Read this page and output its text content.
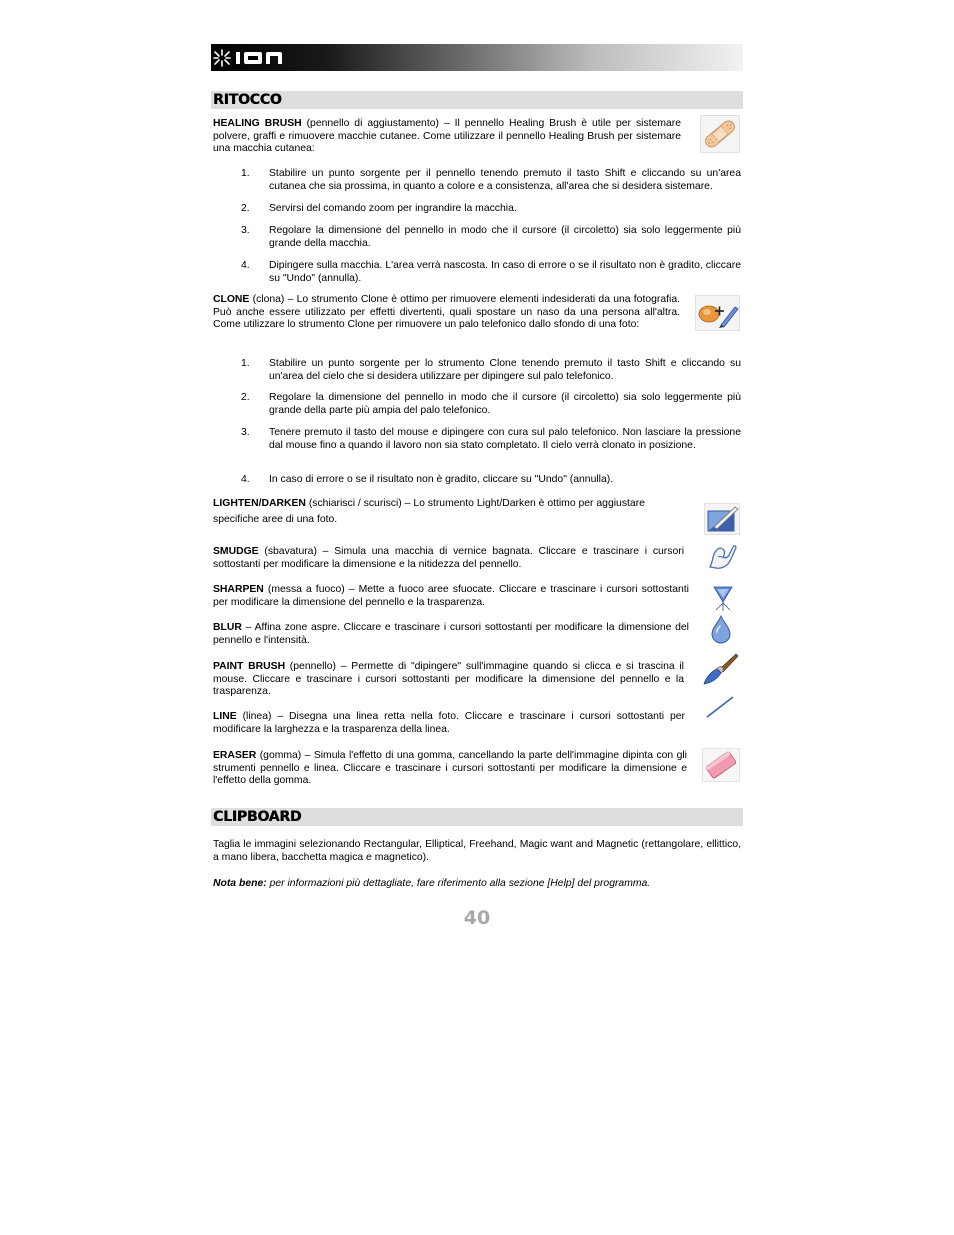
RITOCCO
HEALING BRUSH (pennello di aggiustamento) – Il pennello Healing Brush è utile per sistemare polvere, graffi e rimuovere macchie cutanee. Come utilizzare il pennello Healing Brush per sistemare una macchia cutanea:
1. Stabilire un punto sorgente per il pennello tenendo premuto il tasto Shift e cliccando su un'area cutanea che sia prossima, in quanto a colore e a consistenza, all'area che si desidera sistemare.
2. Servirsi del comando zoom per ingrandire la macchia.
3. Regolare la dimensione del pennello in modo che il cursore (il circoletto) sia solo leggermente più grande della macchia.
4. Dipingere sulla macchia. L'area verrà nascosta. In caso di errore o se il risultato non è gradito, cliccare su "Undo" (annulla).
CLONE (clona) – Lo strumento Clone è ottimo per rimuovere elementi indesiderati da una fotografia. Può anche essere utilizzato per effetti divertenti, quali spostare un naso da una persona all'altra. Come utilizzare lo strumento Clone per rimuovere un palo telefonico dallo sfondo di una foto:
1. Stabilire un punto sorgente per lo strumento Clone tenendo premuto il tasto Shift e cliccando su un'area del cielo che si desidera utilizzare per dipingere sul palo telefonico.
2. Regolare la dimensione del pennello in modo che il cursore (il circoletto) sia solo leggermente più grande della parte più ampia del palo telefonico.
3. Tenere premuto il tasto del mouse e dipingere con cura sul palo telefonico. Non lasciare la pressione dal mouse fino a quando il lavoro non sia stato completato. Il cielo verrà clonato in posizione.
4. In caso di errore o se il risultato non è gradito, cliccare su "Undo" (annulla).
LIGHTEN/DARKEN (schiarisci / scurisci) – Lo strumento Light/Darken è ottimo per aggiustare
specifiche aree di una foto.
SMUDGE (sbavatura) – Simula una macchia di vernice bagnata. Cliccare e trascinare i cursori sottostanti per modificare la dimensione e la nitidezza del pennello.
SHARPEN (messa a fuoco) – Mette a fuoco aree sfuocate. Cliccare e trascinare i cursori sottostanti per modificare la dimensione del pennello e la trasparenza.
BLUR – Affina zone aspre. Cliccare e trascinare i cursori sottostanti per modificare la dimensione del pennello e l'intensità.
PAINT BRUSH (pennello) – Permette di "dipingere" sull'immagine quando si clicca e si trascina il mouse. Cliccare e trascinare i cursori sottostanti per modificare la dimensione del pennello e la trasparenza.
LINE (linea) – Disegna una linea retta nella foto. Cliccare e trascinare i cursori sottostanti per modificare la larghezza e la trasparenza della linea.
ERASER (gomma) – Simula l'effetto di una gomma, cancellando la parte dell'immagine dipinta con gli strumenti pennello e linea. Cliccare e trascinare i cursori sottostanti per modificare la dimensione e l'effetto della gomma.
CLIPBOARD
Taglia le immagini selezionando Rectangular, Elliptical, Freehand, Magic want and Magnetic (rettangolare, ellittico, a mano libera, bacchetta magica e magnetico).
Nota bene: per informazioni più dettagliate, fare riferimento alla sezione [Help] del programma.
40
